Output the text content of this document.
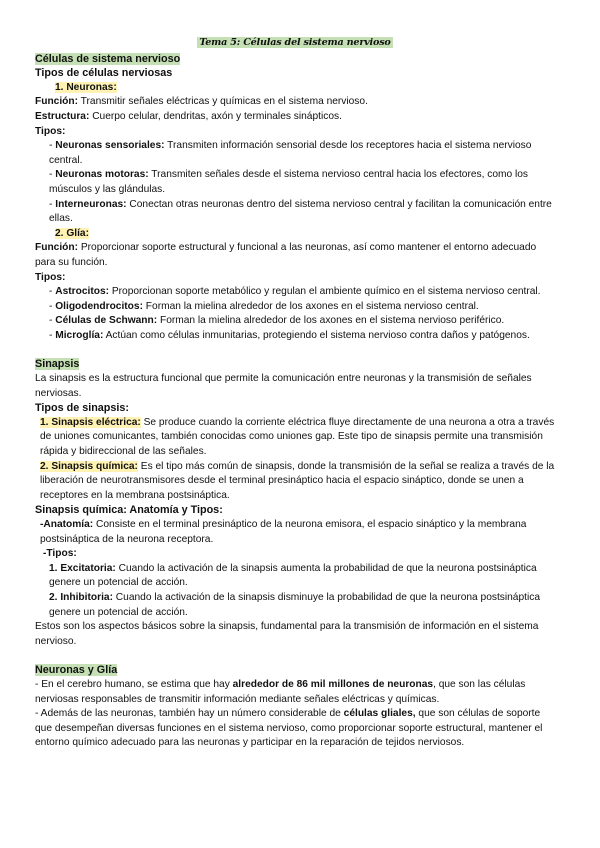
Tema 5: Células del sistema nervioso

Células de sistema nervioso

Tipos de células nerviosas

1. Neuronas:

Función: Transmitir señales eléctricas y químicas en el sistema nervioso.

Estructura: Cuerpo celular, dendritas, axón y terminales sinápticos.

Tipos:

- Neuronas sensoriales: Transmiten información sensorial desde los receptores hacia el sistema nervioso central.

- Neuronas motoras: Transmiten señales desde el sistema nervioso central hacia los efectores, como los músculos y las glándulas.

- Interneuronas: Conectan otras neuronas dentro del sistema nervioso central y facilitan la comunicación entre ellas.

2. Glía:

Función: Proporcionar soporte estructural y funcional a las neuronas, así como mantener el entorno adecuado para su función.

Tipos:

- Astrocitos: Proporcionan soporte metabólico y regulan el ambiente químico en el sistema nervioso central.

- Oligodendrocitos: Forman la mielina alrededor de los axones en el sistema nervioso central.

- Células de Schwann: Forman la mielina alrededor de los axones en el sistema nervioso periférico.

- Microglía: Actúan como células inmunitarias, protegiendo el sistema nervioso contra daños y patógenos.

Sinapsis

La sinapsis es la estructura funcional que permite la comunicación entre neuronas y la transmisión de señales nerviosas.

Tipos de sinapsis:

1. Sinapsis eléctrica: Se produce cuando la corriente eléctrica fluye directamente de una neurona a otra a través de uniones comunicantes, también conocidas como uniones gap. Este tipo de sinapsis permite una transmisión rápida y bidireccional de las señales.

2. Sinapsis química: Es el tipo más común de sinapsis, donde la transmisión de la señal se realiza a través de la liberación de neurotransmisores desde el terminal presináptico hacia el espacio sináptico, donde se unen a receptores en la membrana postsináptica.

Sinapsis química: Anatomía y Tipos:

-Anatomía: Consiste en el terminal presináptico de la neurona emisora, el espacio sináptico y la membrana postsináptica de la neurona receptora.

-Tipos:

1. Excitatoria: Cuando la activación de la sinapsis aumenta la probabilidad de que la neurona postsináptica genere un potencial de acción.

2. Inhibitoria: Cuando la activación de la sinapsis disminuye la probabilidad de que la neurona postsináptica genere un potencial de acción.

Estos son los aspectos básicos sobre la sinapsis, fundamental para la transmisión de información en el sistema nervioso.

Neuronas y Glía

- En el cerebro humano, se estima que hay alrededor de 86 mil millones de neuronas, que son las células nerviosas responsables de transmitir información mediante señales eléctricas y químicas.

- Además de las neuronas, también hay un número considerable de células gliales, que son células de soporte que desempeñan diversas funciones en el sistema nervioso, como proporcionar soporte estructural, mantener el entorno químico adecuado para las neuronas y participar en la reparación de tejidos nerviosos.
